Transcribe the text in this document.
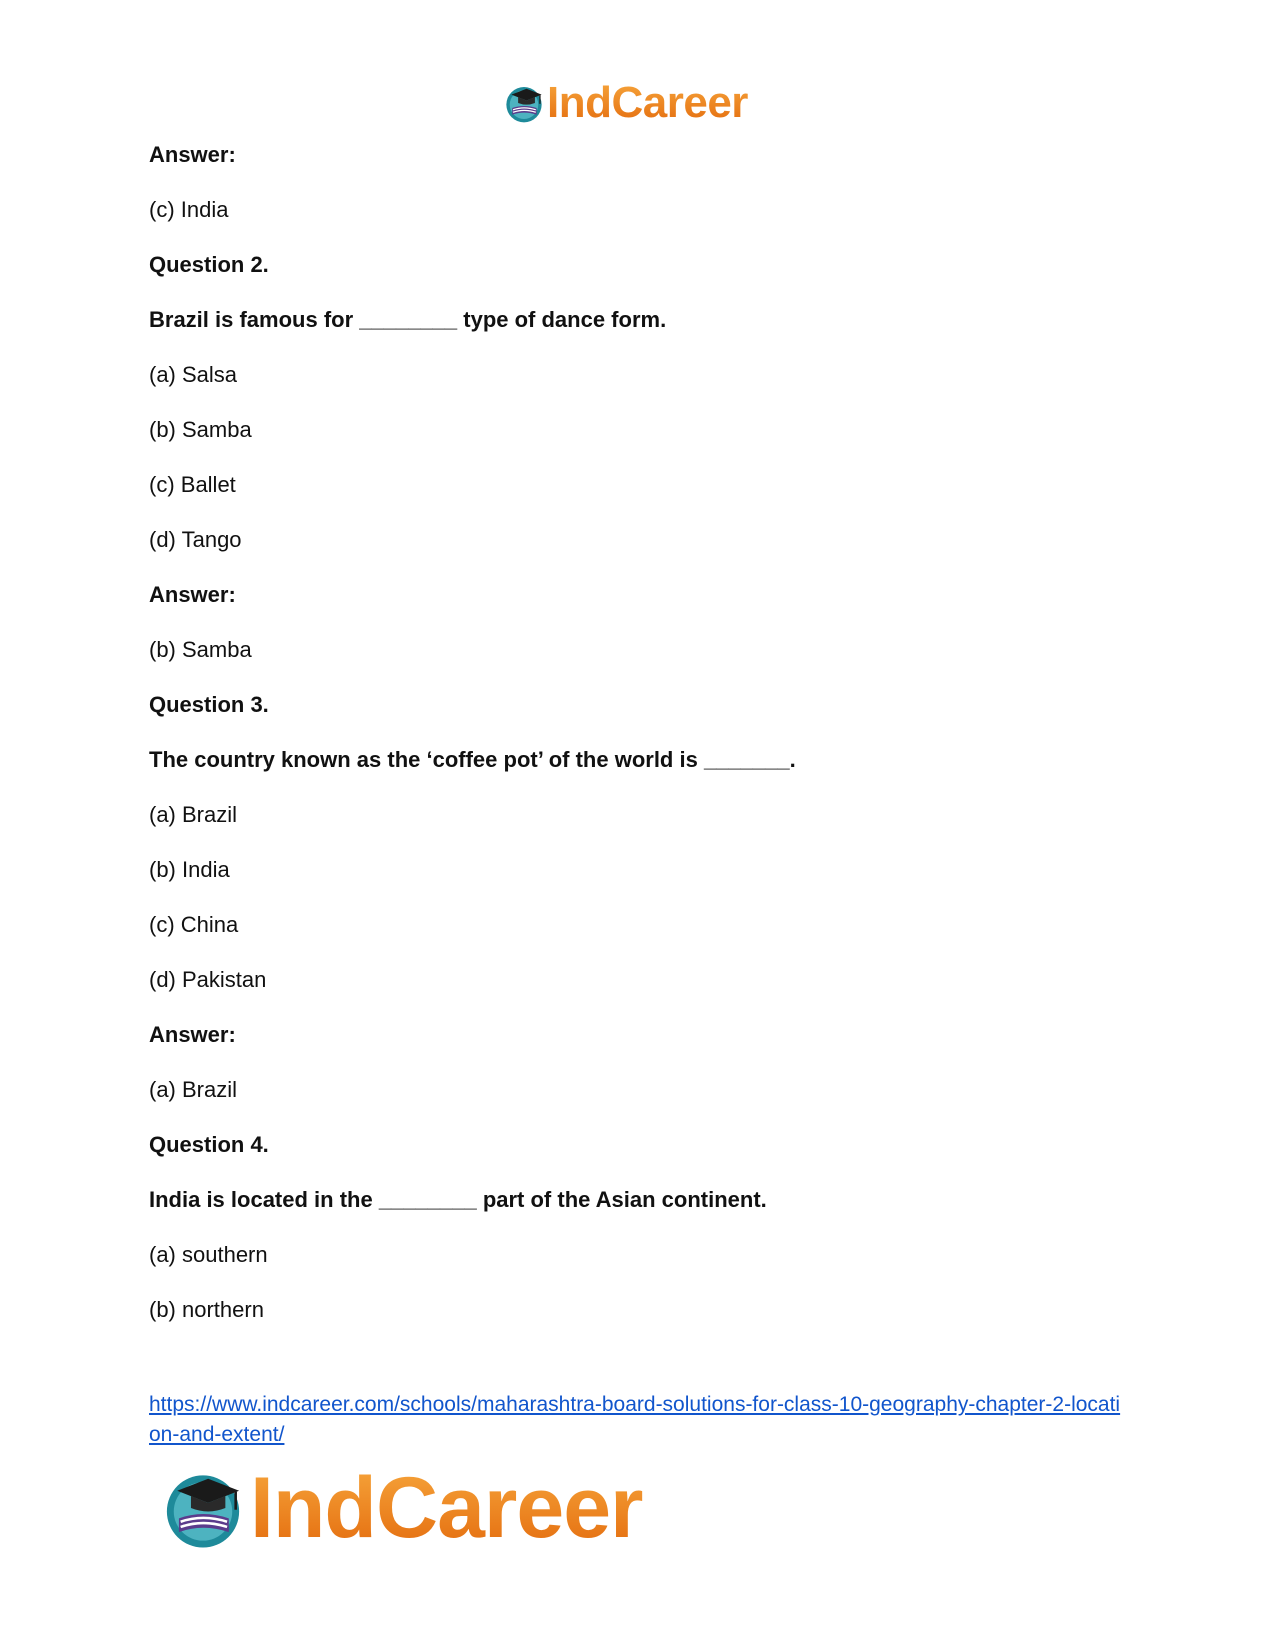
IndCareer
Answer:
(c) India
Question 2.
Brazil is famous for ________ type of dance form.
(a) Salsa
(b) Samba
(c) Ballet
(d) Tango
Answer:
(b) Samba
Question 3.
The country known as the ‘coffee pot’ of the world is _______.
(a) Brazil
(b) India
(c) China
(d) Pakistan
Answer:
(a) Brazil
Question 4.
India is located in the ________ part of the Asian continent.
(a) southern
(b) northern
https://www.indcareer.com/schools/maharashtra-board-solutions-for-class-10-geography-chapter-2-location-and-extent/
IndCareer
